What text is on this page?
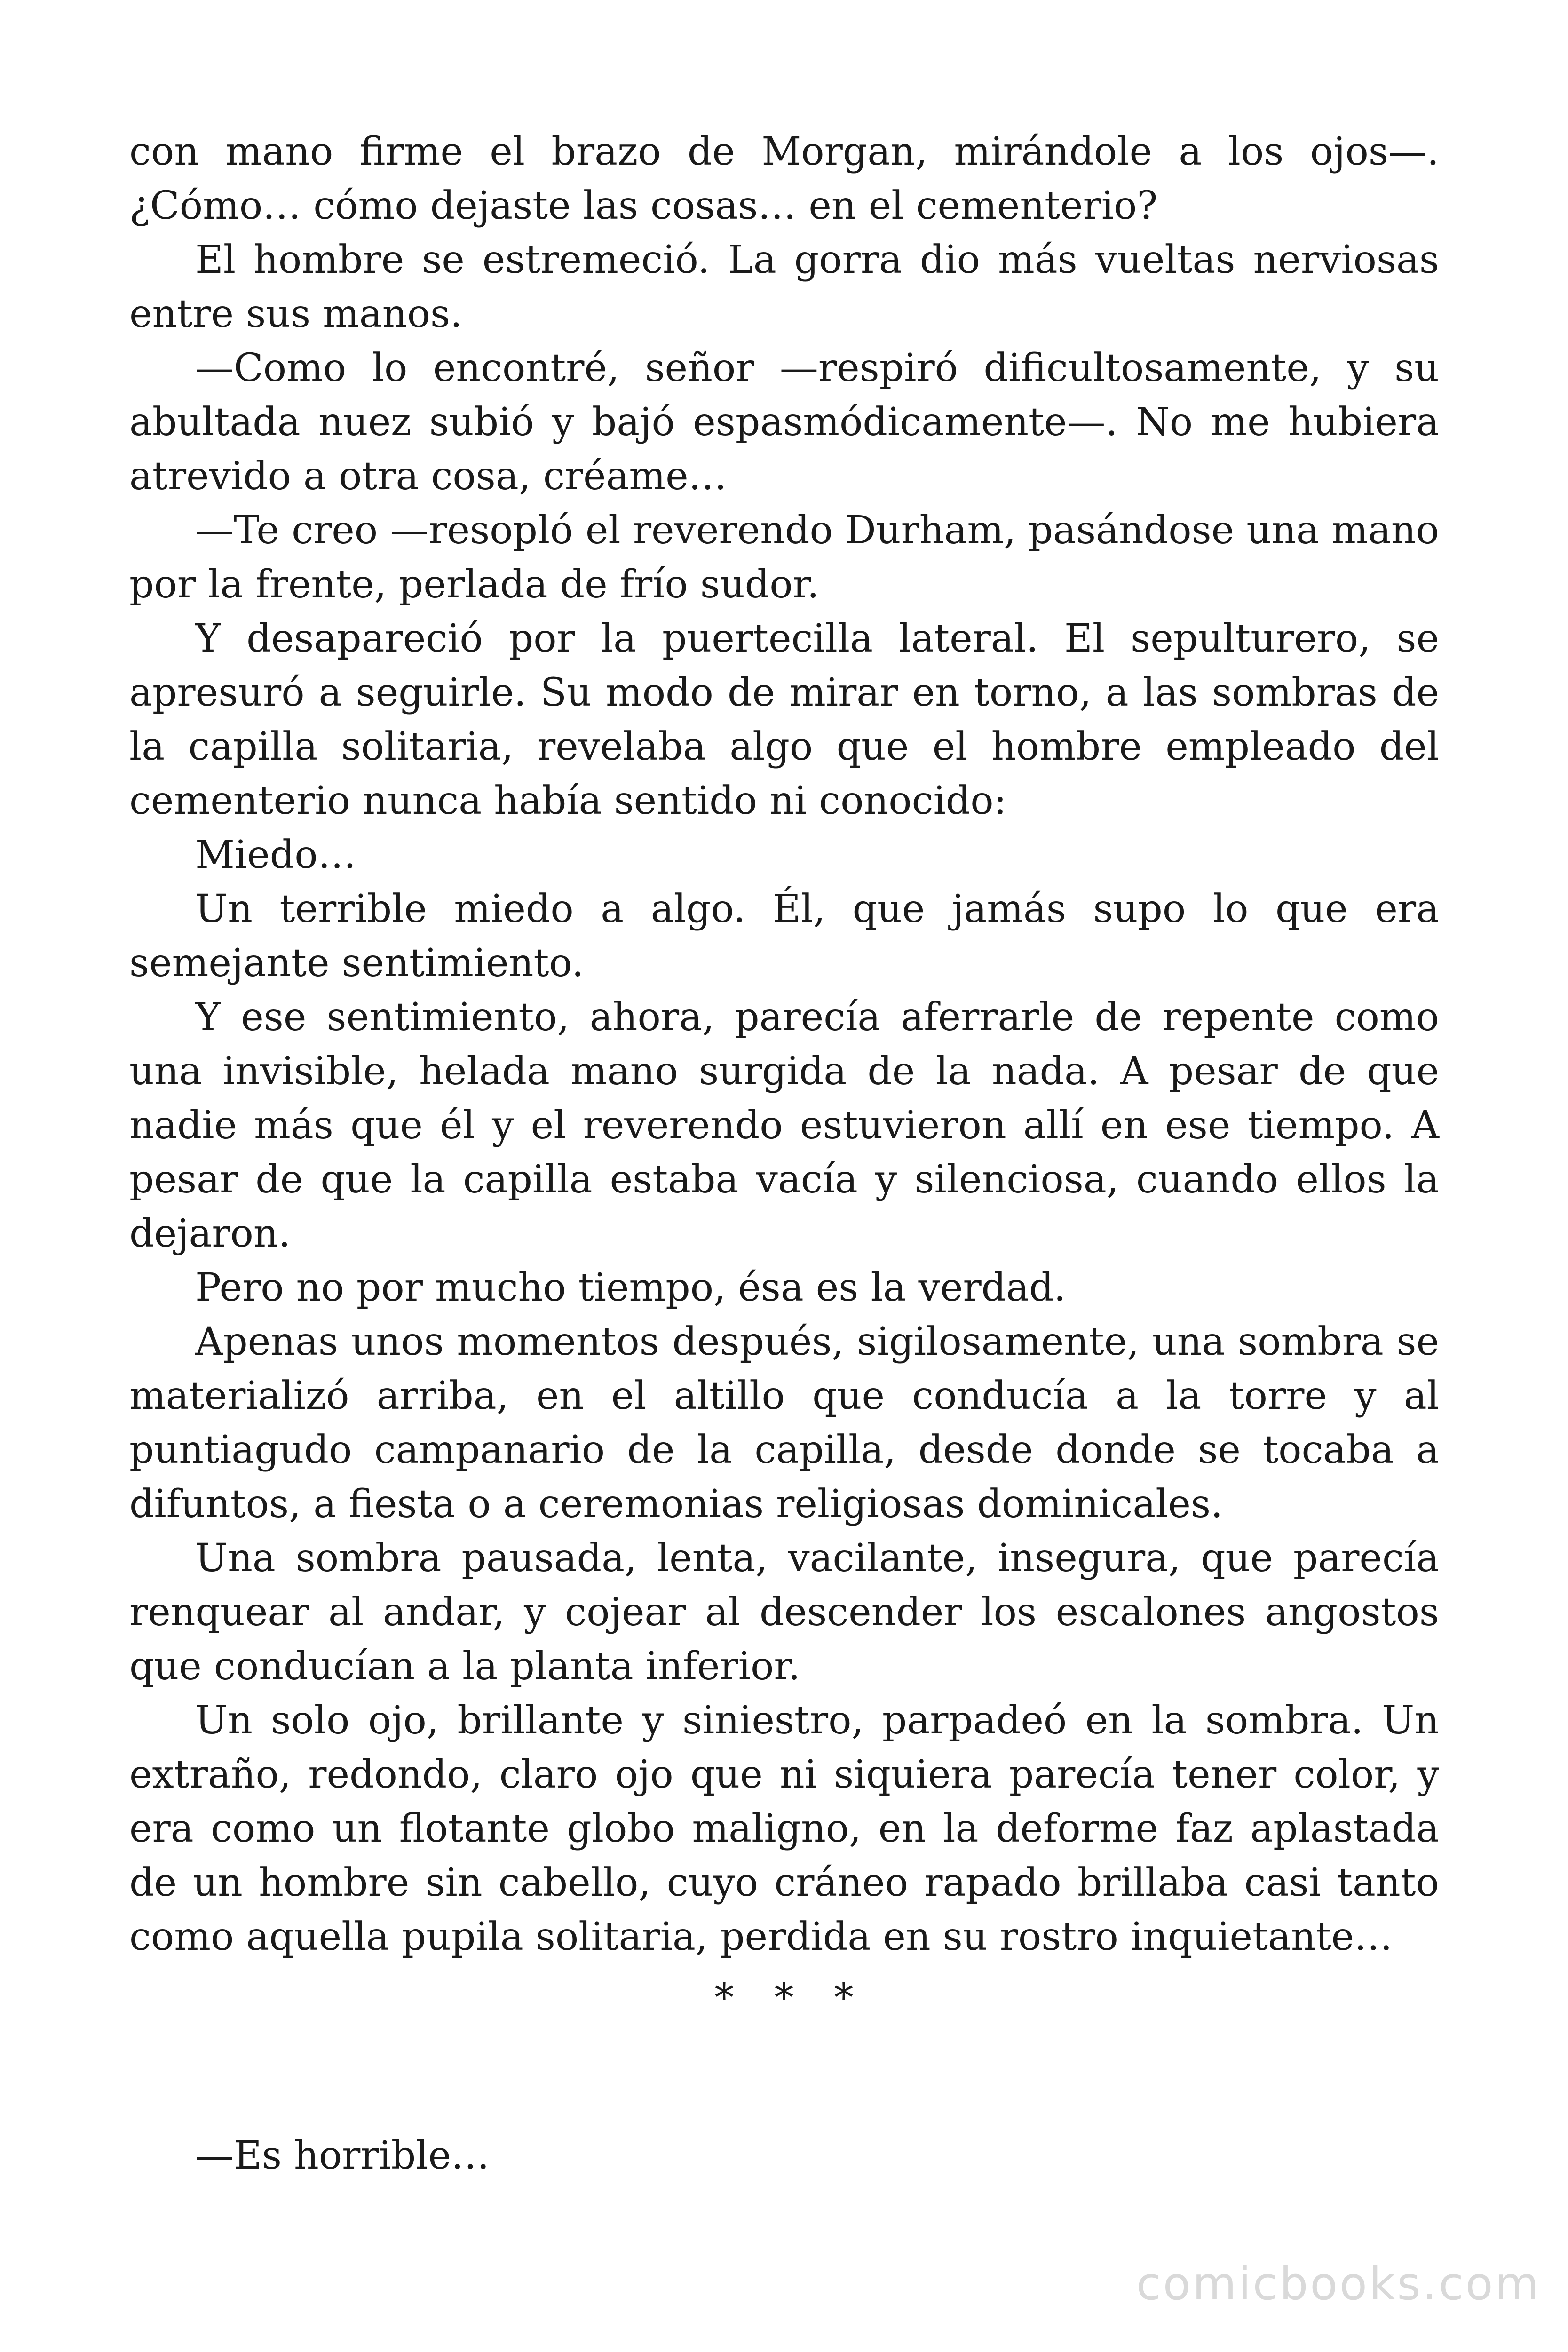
con mano firme el brazo de Morgan, mirándole a los ojos—. ¿Cómo… cómo dejaste las cosas… en el cementerio?

El hombre se estremeció. La gorra dio más vueltas nerviosas entre sus manos.

—Como lo encontré, señor —respiró dificultosamente, y su abultada nuez subió y bajó espasmódicamente—. No me hubiera atrevido a otra cosa, créame…

—Te creo —resopló el reverendo Durham, pasándose una mano por la frente, perlada de frío sudor.

Y desapareció por la puertecilla lateral. El sepulturero, se apresuró a seguirle. Su modo de mirar en torno, a las sombras de la capilla solitaria, revelaba algo que el hombre empleado del cementerio nunca había sentido ni conocido:

Miedo…

Un terrible miedo a algo. Él, que jamás supo lo que era semejante sentimiento.

Y ese sentimiento, ahora, parecía aferrarle de repente como una invisible, helada mano surgida de la nada. A pesar de que nadie más que él y el reverendo estuvieron allí en ese tiempo. A pesar de que la capilla estaba vacía y silenciosa, cuando ellos la dejaron.

Pero no por mucho tiempo, ésa es la verdad.

Apenas unos momentos después, sigilosamente, una sombra se materializó arriba, en el altillo que conducía a la torre y al puntiagudo campanario de la capilla, desde donde se tocaba a difuntos, a fiesta o a ceremonias religiosas dominicales.

Una sombra pausada, lenta, vacilante, insegura, que parecía renquear al andar, y cojear al descender los escalones angostos que conducían a la planta inferior.

Un solo ojo, brillante y siniestro, parpadeó en la sombra. Un extraño, redondo, claro ojo que ni siquiera parecía tener color, y era como un flotante globo maligno, en la deforme faz aplastada de un hombre sin cabello, cuyo cráneo rapado brillaba casi tanto como aquella pupila solitaria, perdida en su rostro inquietante…

* * *
—Es horrible…
comicbooks.com
